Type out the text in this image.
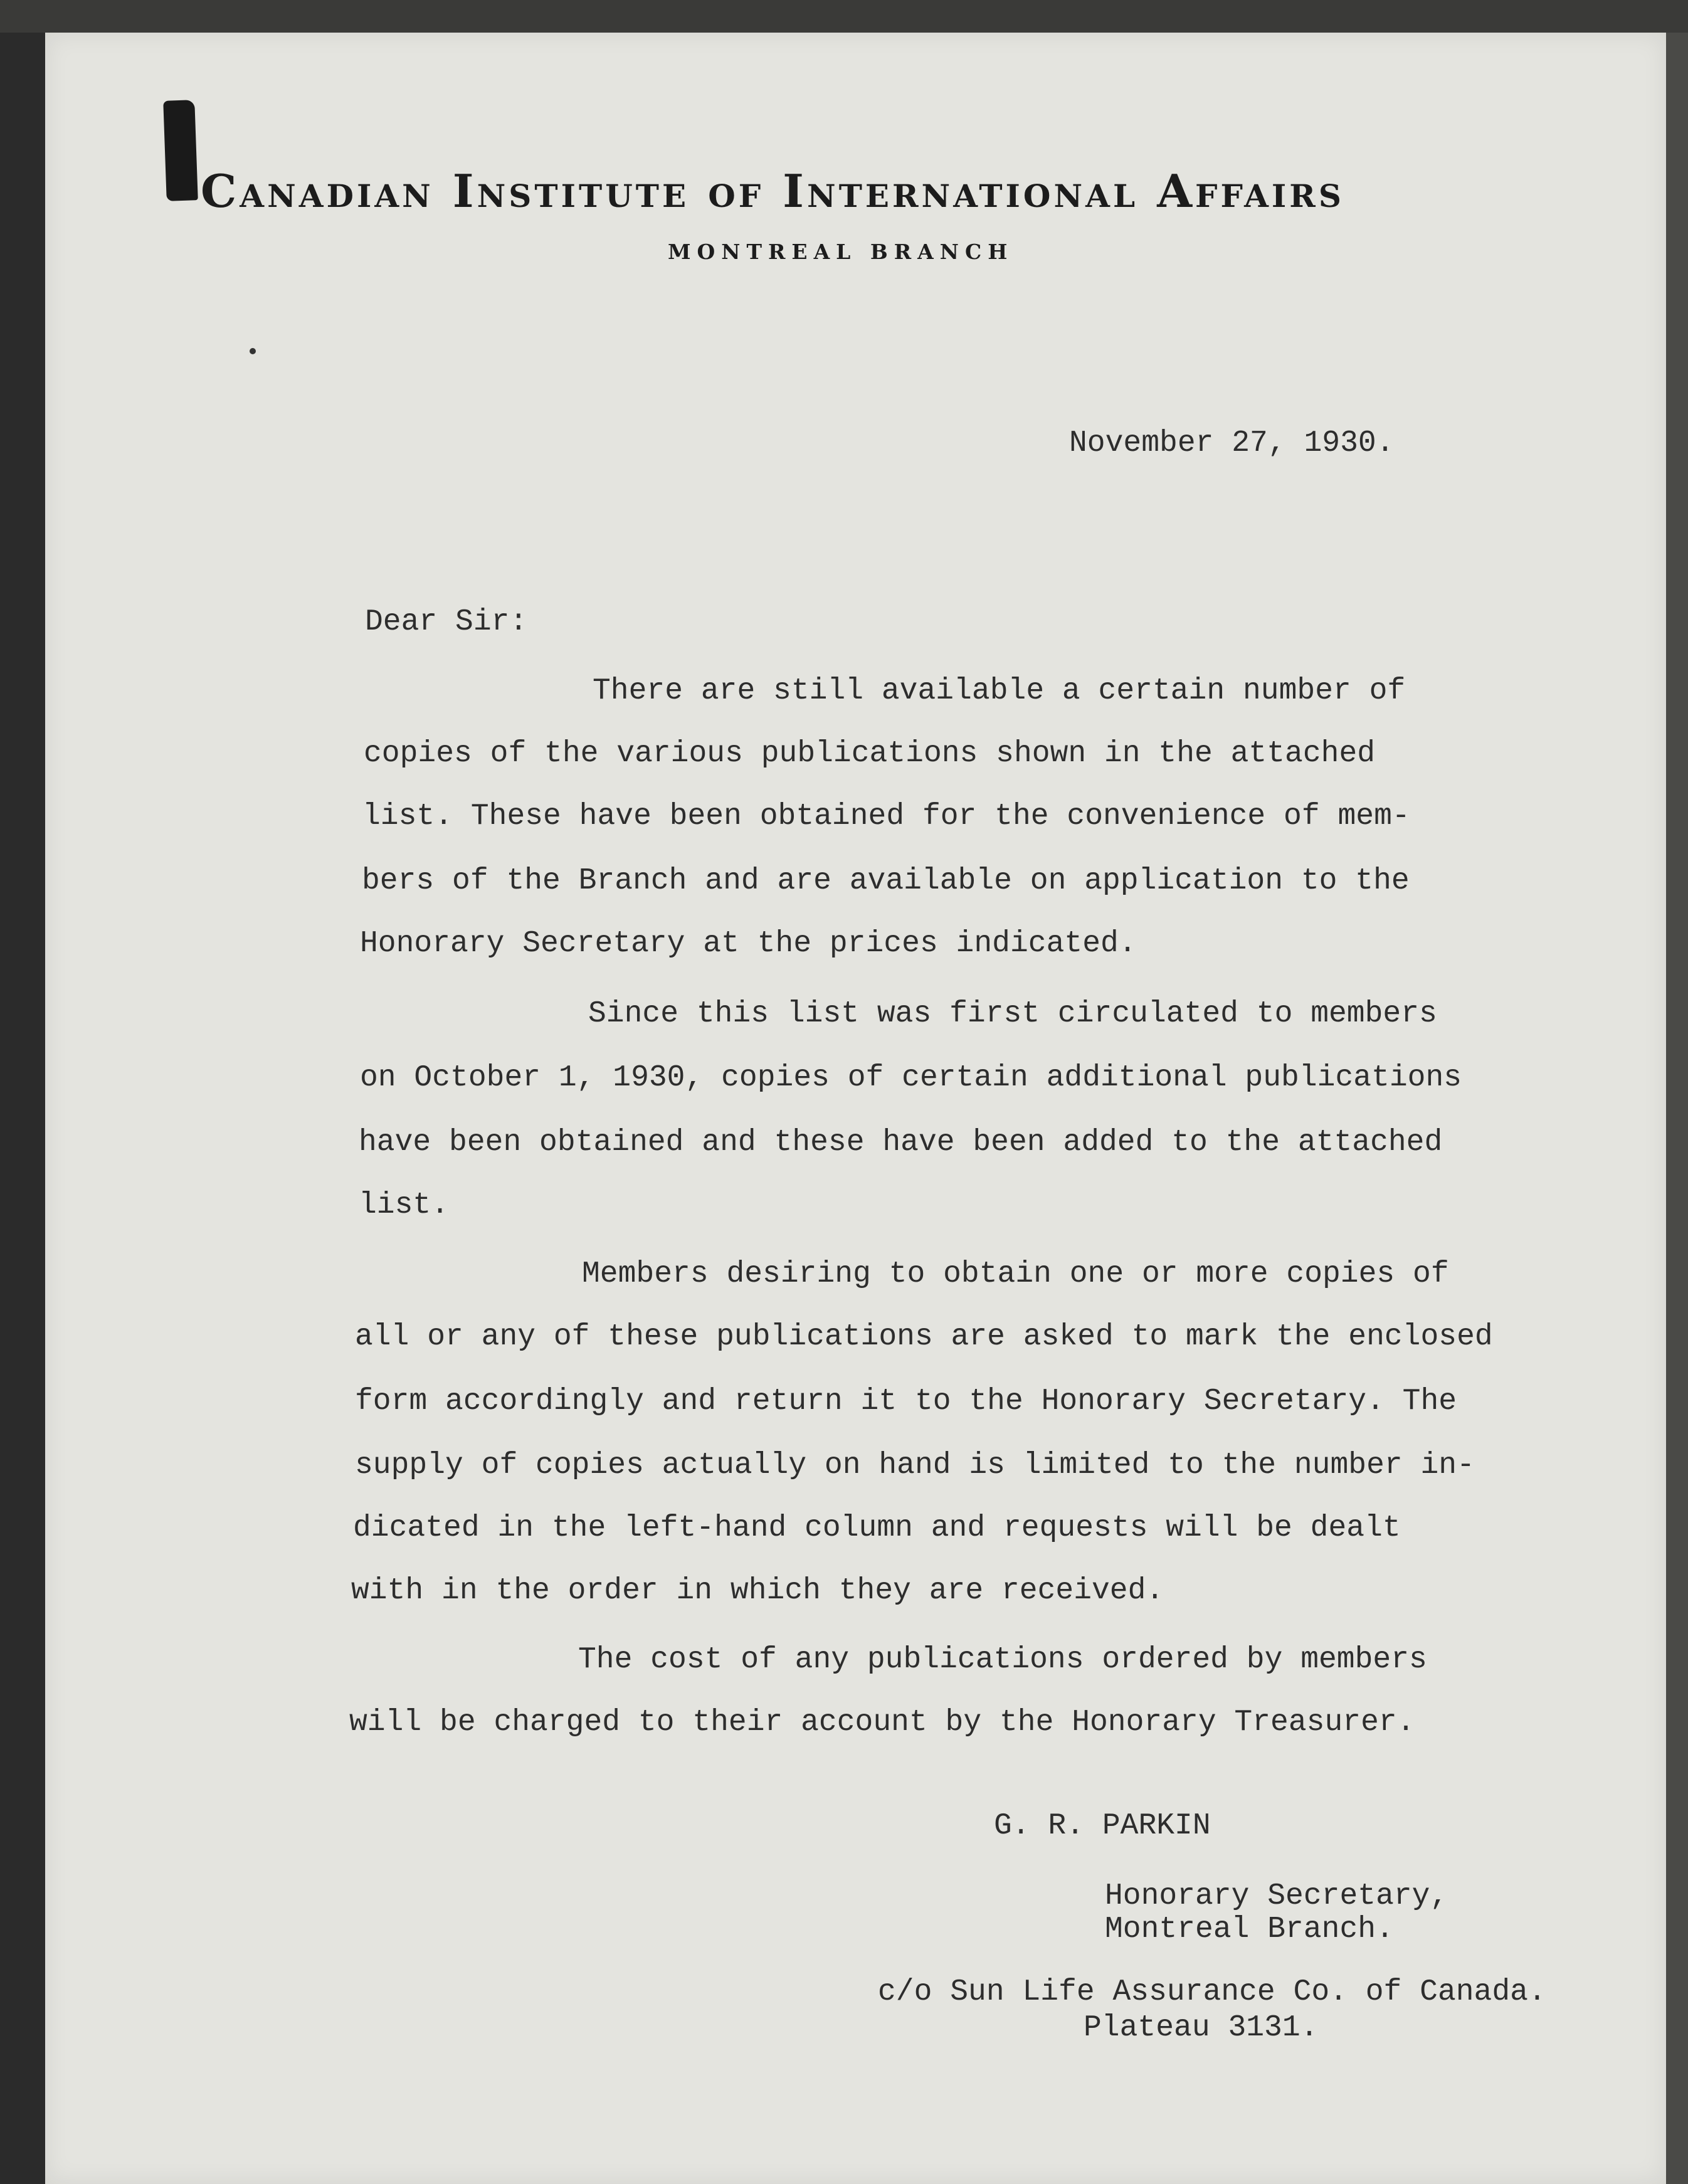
Canadian Institute of International Affairs
MONTREAL BRANCH
November 27, 1930.
Dear Sir:
There are still available a certain number of
copies of the various publications shown in the attached
list. These have been obtained for the convenience of mem-
bers of the Branch and are available on application to the
Honorary Secretary at the prices indicated.
Since this list was first circulated to members
on October 1, 1930, copies of certain additional publications
have been obtained and these have been added to the attached
list.
Members desiring to obtain one or more copies of
all or any of these publications are asked to mark the enclosed
form accordingly and return it to the Honorary Secretary. The
supply of copies actually on hand is limited to the number in-
dicated in the left-hand column and requests will be dealt
with in the order in which they are received.
The cost of any publications ordered by members
will be charged to their account by the Honorary Treasurer.
G. R. PARKIN
Honorary Secretary,
Montreal Branch.
c/o Sun Life Assurance Co. of Canada.
Plateau 3131.
